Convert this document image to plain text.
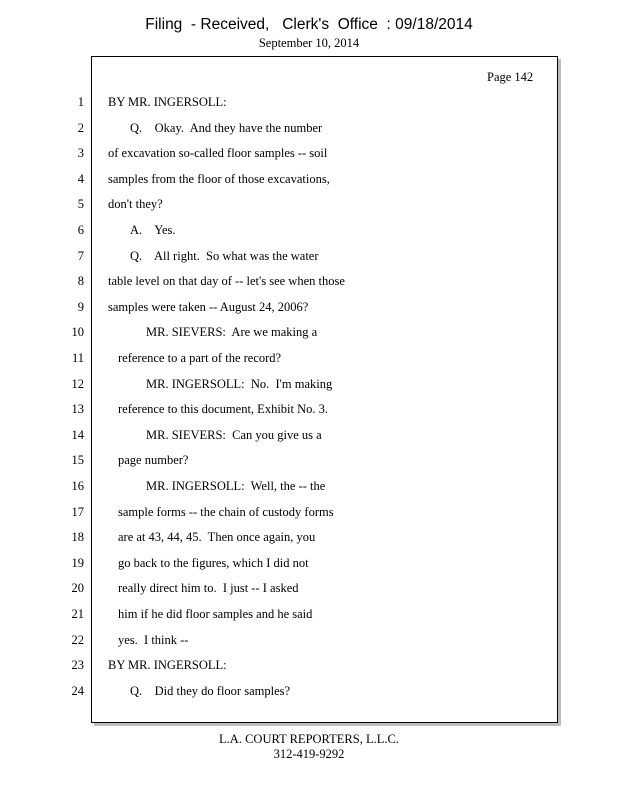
Filing  - Received,   Clerk's  Office  : 09/18/2014
September 10, 2014
Page 142
1 BY MR. INGERSOLL:
2	Q.    Okay.  And they have the number
3 of excavation so-called floor samples -- soil
4 samples from the floor of those excavations,
5 don't they?
6	A.    Yes.
7	Q.    All right.  So what was the water
8 table level on that day of -- let's see when those
9 samples were taken -- August 24, 2006?
10	MR. SIEVERS:  Are we making a
11	reference to a part of the record?
12	MR. INGERSOLL:  No.  I'm making
13	reference to this document, Exhibit No. 3.
14	MR. SIEVERS:  Can you give us a
15	page number?
16	MR. INGERSOLL:  Well, the -- the
17	sample forms -- the chain of custody forms
18	are at 43, 44, 45.  Then once again, you
19	go back to the figures, which I did not
20	really direct him to.  I just -- I asked
21	him if he did floor samples and he said
22	yes.  I think --
23 BY MR. INGERSOLL:
24	Q.    Did they do floor samples?
L.A. COURT REPORTERS, L.L.C.
312-419-9292
